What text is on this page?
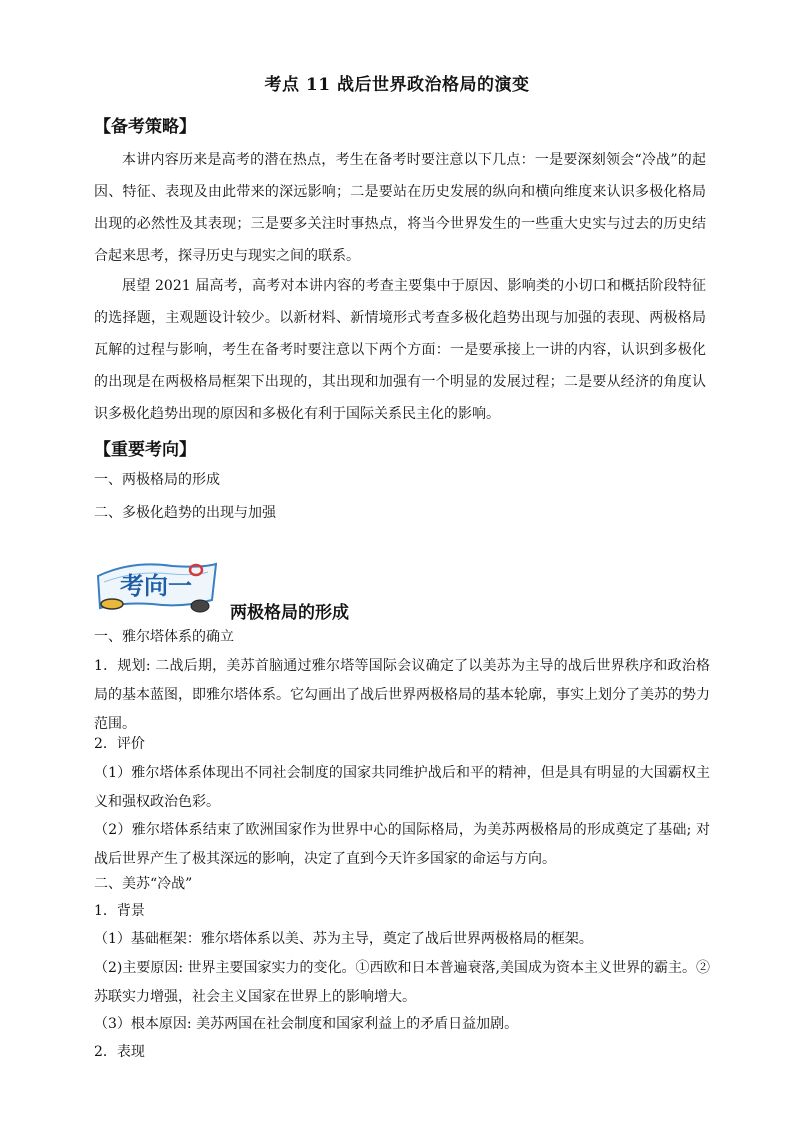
考点 11 战后世界政治格局的演变
【备考策略】

本讲内容历来是高考的潜在热点，考生在备考时要注意以下几点：一是要深刻领会“冷战”的起因、特征、表现及由此带来的深远影响；二是要站在历史发展的纵向和横向维度来认识多极化格局出现的必然性及其表现；三是要多关注时事热点，将当今世界发生的一些重大史实与过去的历史结合起来思考，探寻历史与现实之间的联系。

展望 2021 届高考，高考对本讲内容的考查主要集中于原因、影响类的小切口和概括阶段特征的选择题，主观题设计较少。以新材料、新情境形式考查多极化趋势出现与加强的表现、两极格局瓦解的过程与影响，考生在备考时要注意以下两个方面：一是要承接上一讲的内容，认识到多极化的出现是在两极格局框架下出现的，其出现和加强有一个明显的发展过程；二是要从经济的角度认识多极化趋势出现的原因和多极化有利于国际关系民主化的影响。

【重要考向】

一、两极格局的形成

二、多极化趋势的出现与加强

考向一
两极格局的形成

一、雅尔塔体系的确立

1．规划: 二战后期，美苏首脑通过雅尔塔等国际会议确定了以美苏为主导的战后世界秩序和政治格局的基本蓝图，即雅尔塔体系。它勾画出了战后世界两极格局的基本轮廓，事实上划分了美苏的势力范围。

2．评价

（1）雅尔塔体系体现出不同社会制度的国家共同维护战后和平的精神，但是具有明显的大国霸权主义和强权政治色彩。

（2）雅尔塔体系结束了欧洲国家作为世界中心的国际格局，为美苏两极格局的形成奠定了基础; 对战后世界产生了极其深远的影响，决定了直到今天许多国家的命运与方向。

二、美苏“冷战”

1．背景

（1）基础框架：雅尔塔体系以美、苏为主导，奠定了战后世界两极格局的框架。

（2)主要原因: 世界主要国家实力的变化。①西欧和日本普遍衰落,美国成为资本主义世界的霸主。②苏联实力增强，社会主义国家在世界上的影响增大。

（3）根本原因: 美苏两国在社会制度和国家利益上的矛盾日益加剧。

2．表现
